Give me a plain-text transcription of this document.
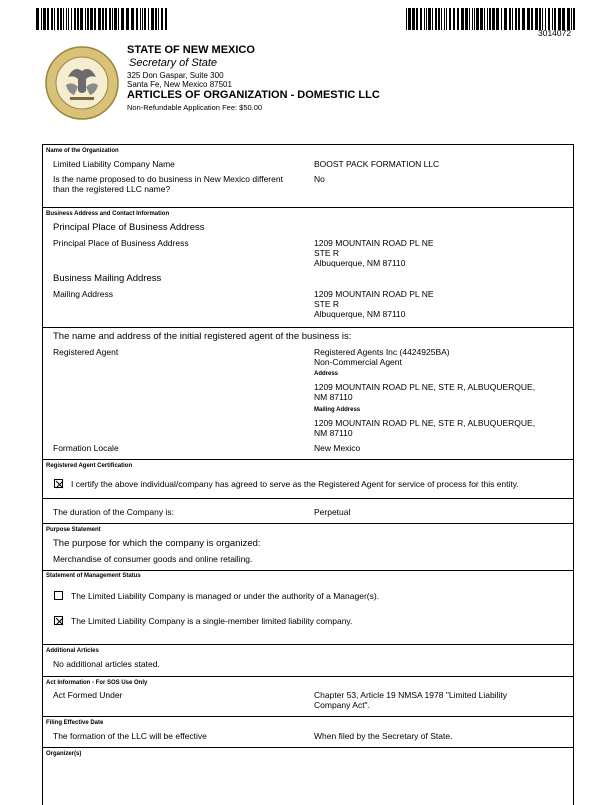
3014072
STATE OF NEW MEXICO
Secretary of State
325 Don Gaspar, Suite 300
Santa Fe, New Mexico 87501
ARTICLES OF ORGANIZATION - DOMESTIC LLC
Non-Refundable Application Fee: $50.00
Name of the Organization
Limited Liability Company Name	BOOST PACK FORMATION LLC
Is the name proposed to do business in New Mexico different
than the registered LLC name?
No
Business Address and Contact Information
Principal Place of Business Address
Principal Place of Business Address	1209 MOUNTAIN ROAD PL NE
STE R
Albuquerque, NM 87110
Business Mailing Address
Mailing Address	1209 MOUNTAIN ROAD PL NE
STE R
Albuquerque, NM 87110
The name and address of the initial registered agent of the business is:
Registered Agent	Registered Agents Inc (4424925BA)
Non-Commercial Agent
Address
1209 MOUNTAIN ROAD PL NE, STE R, ALBUQUERQUE,
NM 87110
Mailing Address
1209 MOUNTAIN ROAD PL NE, STE R, ALBUQUERQUE,
NM 87110
Formation Locale	New Mexico
Registered Agent Certification
I certify the above individual/company has agreed to serve as the Registered Agent for service of process for this entity.
The duration of the Company is:	Perpetual
Purpose Statement
The purpose for which the company is organized:
Merchandise of consumer goods and online retailing.
Statement of Management Status
The Limited Liability Company is managed or under the authority of a Manager(s).
The Limited Liability Company is a single-member limited liability company.
Additional Articles
No additional articles stated.
Act Information - For SOS Use Only
Act Formed Under	Chapter 53, Article 19 NMSA 1978 "Limited Liability
Company Act".
Filing Effective Date
The formation of the LLC will be effective	When filed by the Secretary of State.
Organizer(s)
